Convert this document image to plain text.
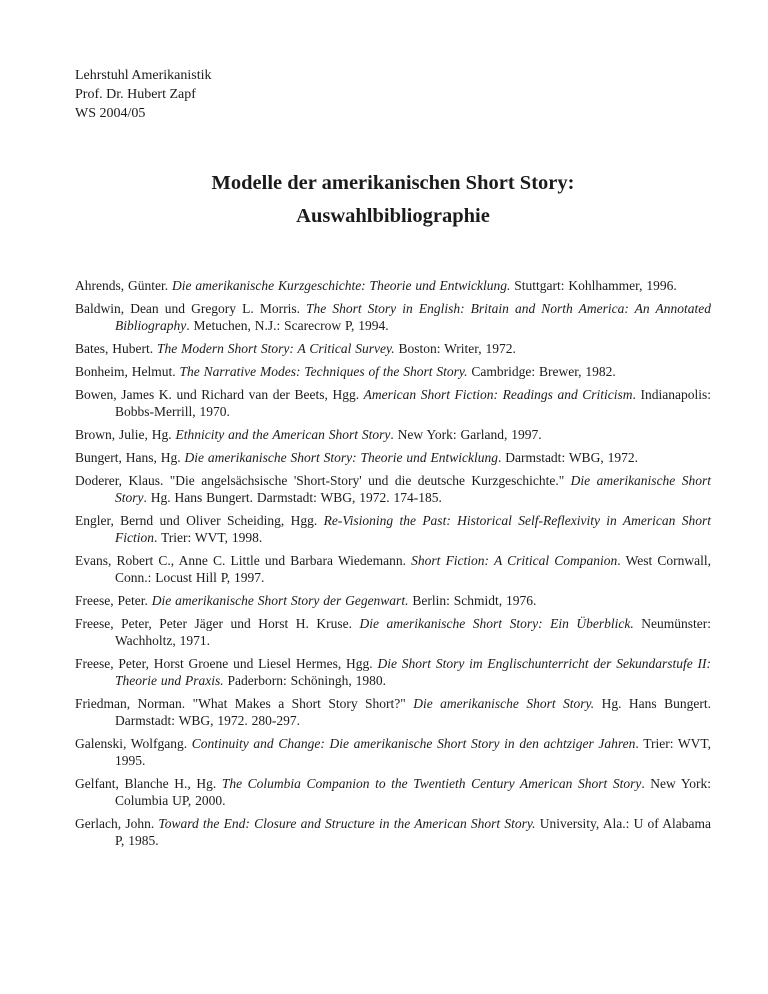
Lehrstuhl Amerikanistik
Prof. Dr. Hubert Zapf
WS 2004/05
Modelle der amerikanischen Short Story:
Auswahlbibliographie

Ahrends, Günter. Die amerikanische Kurzgeschichte: Theorie und Entwicklung. Stuttgart: Kohlhammer, 1996.

Baldwin, Dean und Gregory L. Morris. The Short Story in English: Britain and North America: An Annotated Bibliography. Metuchen, N.J.: Scarecrow P, 1994.

Bates, Hubert. The Modern Short Story: A Critical Survey. Boston: Writer, 1972.

Bonheim, Helmut. The Narrative Modes: Techniques of the Short Story. Cambridge: Brewer, 1982.

Bowen, James K. und Richard van der Beets, Hgg. American Short Fiction: Readings and Criticism. Indianapolis: Bobbs-Merrill, 1970.

Brown, Julie, Hg. Ethnicity and the American Short Story. New York: Garland, 1997.

Bungert, Hans, Hg. Die amerikanische Short Story: Theorie und Entwicklung. Darmstadt: WBG, 1972.

Doderer, Klaus. "Die angelsächsische 'Short-Story' und die deutsche Kurzgeschichte." Die amerikanische Short Story. Hg. Hans Bungert. Darmstadt: WBG, 1972. 174-185.

Engler, Bernd und Oliver Scheiding, Hgg. Re-Visioning the Past: Historical Self-Reflexivity in American Short Fiction. Trier: WVT, 1998.

Evans, Robert C., Anne C. Little und Barbara Wiedemann. Short Fiction: A Critical Companion. West Cornwall, Conn.: Locust Hill P, 1997.

Freese, Peter. Die amerikanische Short Story der Gegenwart. Berlin: Schmidt, 1976.

Freese, Peter, Peter Jäger und Horst H. Kruse. Die amerikanische Short Story: Ein Überblick. Neumünster: Wachholtz, 1971.

Freese, Peter, Horst Groene und Liesel Hermes, Hgg. Die Short Story im Englischunterricht der Sekundarstufe II: Theorie und Praxis. Paderborn: Schöningh, 1980.

Friedman, Norman. "What Makes a Short Story Short?" Die amerikanische Short Story. Hg. Hans Bungert. Darmstadt: WBG, 1972. 280-297.

Galenski, Wolfgang. Continuity and Change: Die amerikanische Short Story in den achtziger Jahren. Trier: WVT, 1995.

Gelfant, Blanche H., Hg. The Columbia Companion to the Twentieth Century American Short Story. New York: Columbia UP, 2000.

Gerlach, John. Toward the End: Closure and Structure in the American Short Story. University, Ala.: U of Alabama P, 1985.
